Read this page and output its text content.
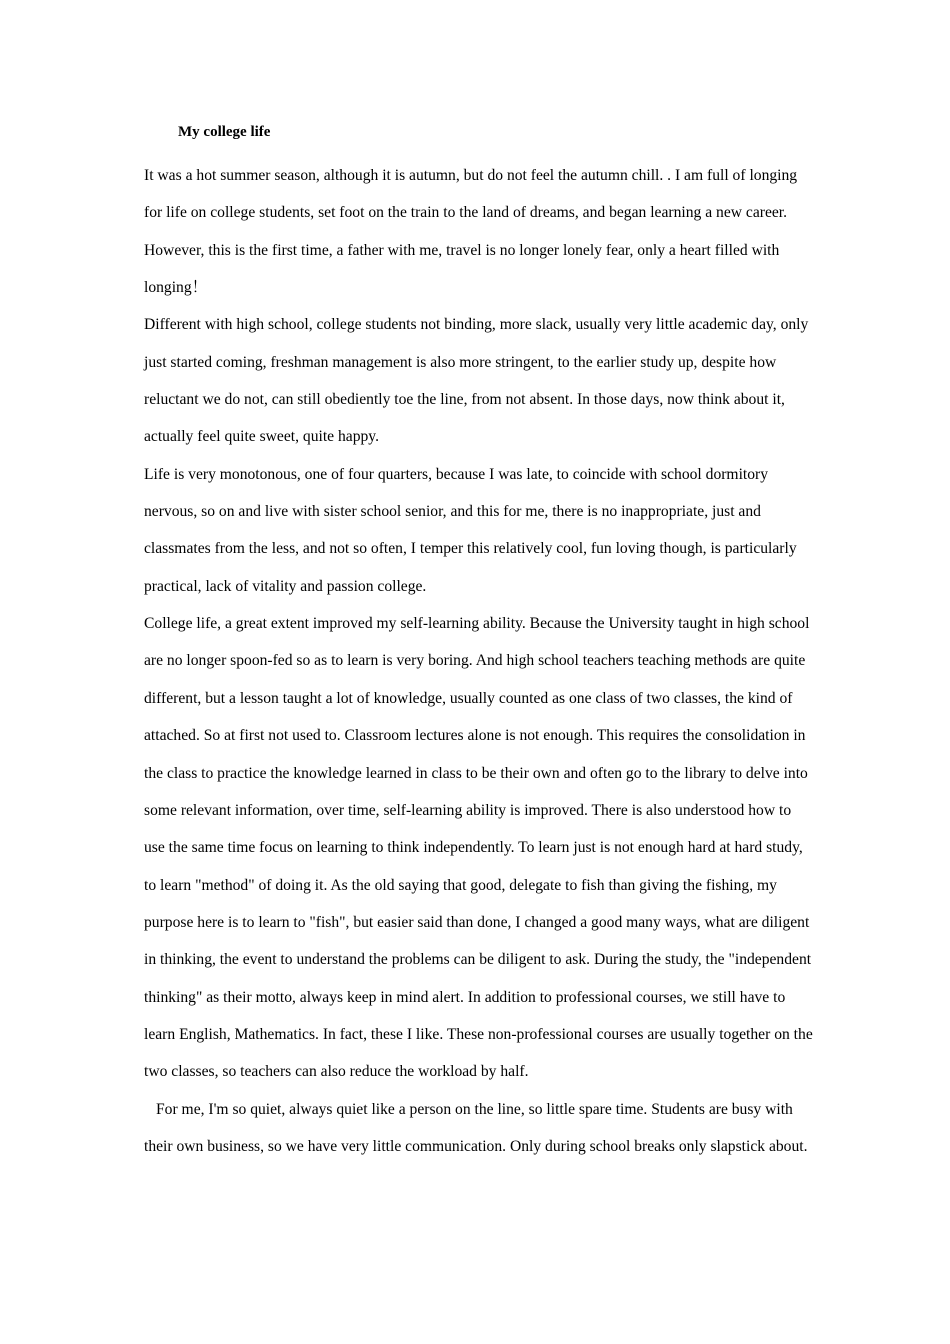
My college life

It was a hot summer season, although it is autumn, but do not feel the autumn chill. . I am full of longing for life on college students, set foot on the train to the land of dreams, and began learning a new career. However, this is the first time, a father with me, travel is no longer lonely fear, only a heart filled with longing！

Different with high school, college students not binding, more slack, usually very little academic day, only just started coming, freshman management is also more stringent, to the earlier study up, despite how reluctant we do not, can still obediently toe the line, from not absent. In those days, now think about it, actually feel quite sweet, quite happy.

Life is very monotonous, one of four quarters, because I was late, to coincide with school dormitory nervous, so on and live with sister school senior, and this for me, there is no inappropriate, just and classmates from the less, and not so often, I temper this relatively cool, fun loving though, is particularly practical, lack of vitality and passion college.

College life, a great extent improved my self-learning ability. Because the University taught in high school are no longer spoon-fed so as to learn is very boring. And high school teachers teaching methods are quite different, but a lesson taught a lot of knowledge, usually counted as one class of two classes, the kind of attached. So at first not used to. Classroom lectures alone is not enough. This requires the consolidation in the class to practice the knowledge learned in class to be their own and often go to the library to delve into some relevant information, over time, self-learning ability is improved. There is also understood how to use the same time focus on learning to think independently. To learn just is not enough hard at hard study, to learn "method" of doing it. As the old saying that good, delegate to fish than giving the fishing, my purpose here is to learn to "fish", but easier said than done, I changed a good many ways, what are diligent in thinking, the event to understand the problems can be diligent to ask. During the study, the "independent thinking" as their motto, always keep in mind alert. In addition to professional courses, we still have to learn English, Mathematics. In fact, these I like. These non-professional courses are usually together on the two classes, so teachers can also reduce the workload by half.

For me, I'm so quiet, always quiet like a person on the line, so little spare time. Students are busy with their own business, so we have very little communication. Only during school breaks only slapstick about.
